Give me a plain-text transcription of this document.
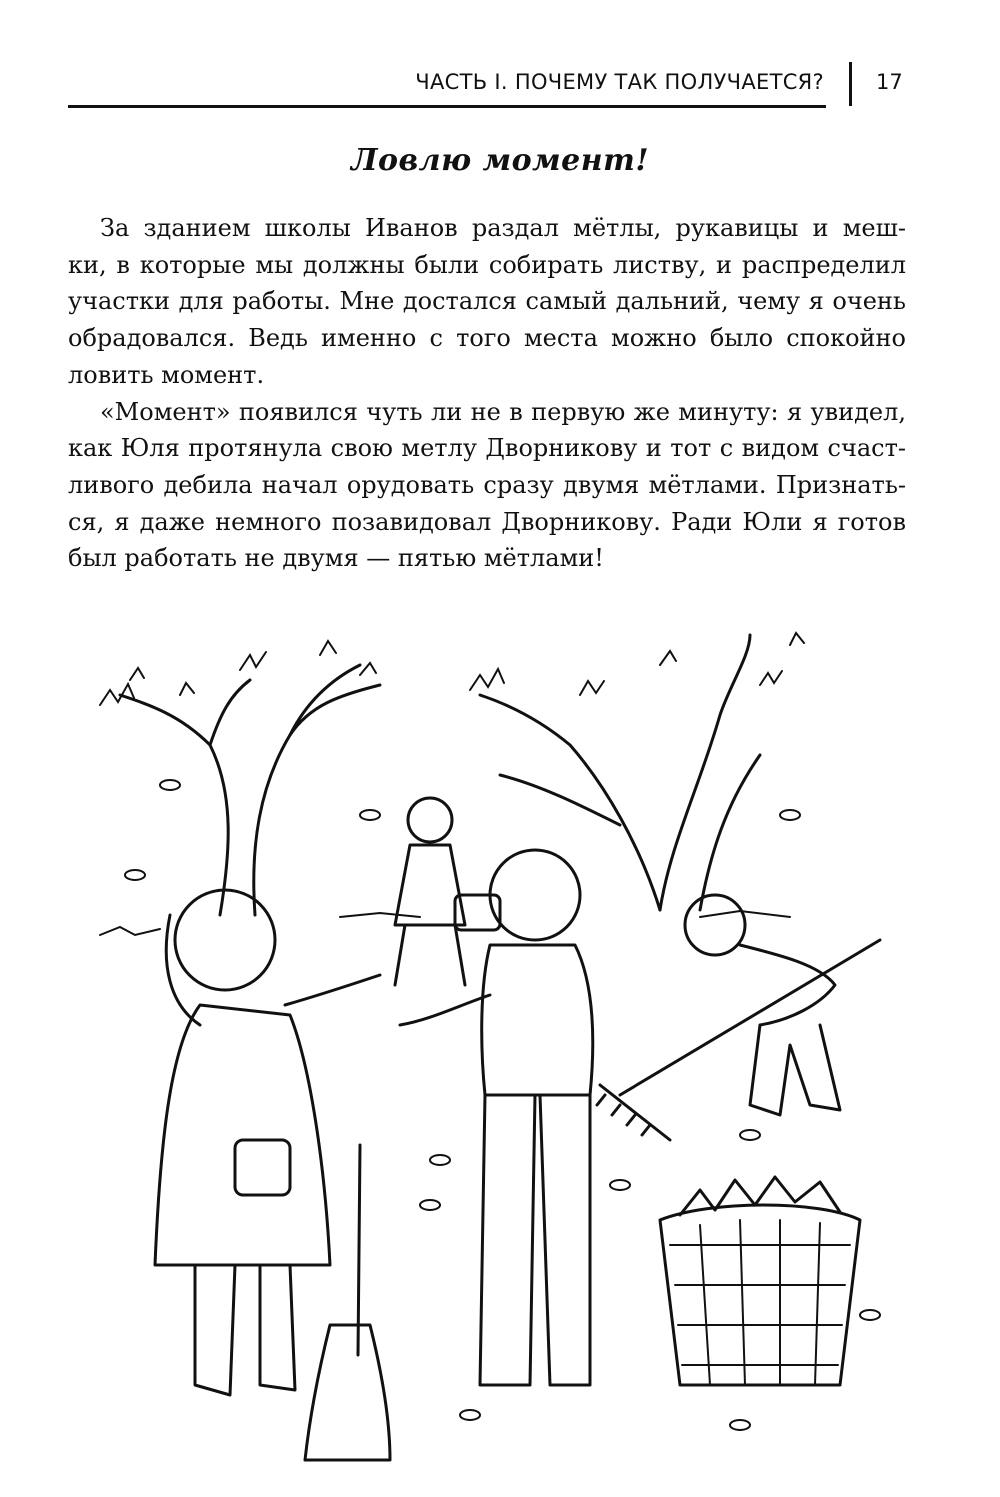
ЧАСТЬ I. ПОЧЕМУ ТАК ПОЛУЧАЕТСЯ? 17
Ловлю момент!
За зданием школы Иванов раздал мётлы, рукавицы и меш-
ки, в которые мы должны были собирать листву, и распределил
участки для работы. Мне достался самый дальний, чему я очень
обрадовался. Ведь именно с того места можно было спокойно
ловить момент.
«Момент» появился чуть ли не в первую же минуту: я увидел,
как Юля протянула свою метлу Дворникову и тот с видом счаст-
ливого дебила начал орудовать сразу двумя мётлами. Признать-
ся, я даже немного позавидовал Дворникову. Ради Юли я готов
был работать не двумя — пятью мётлами!
